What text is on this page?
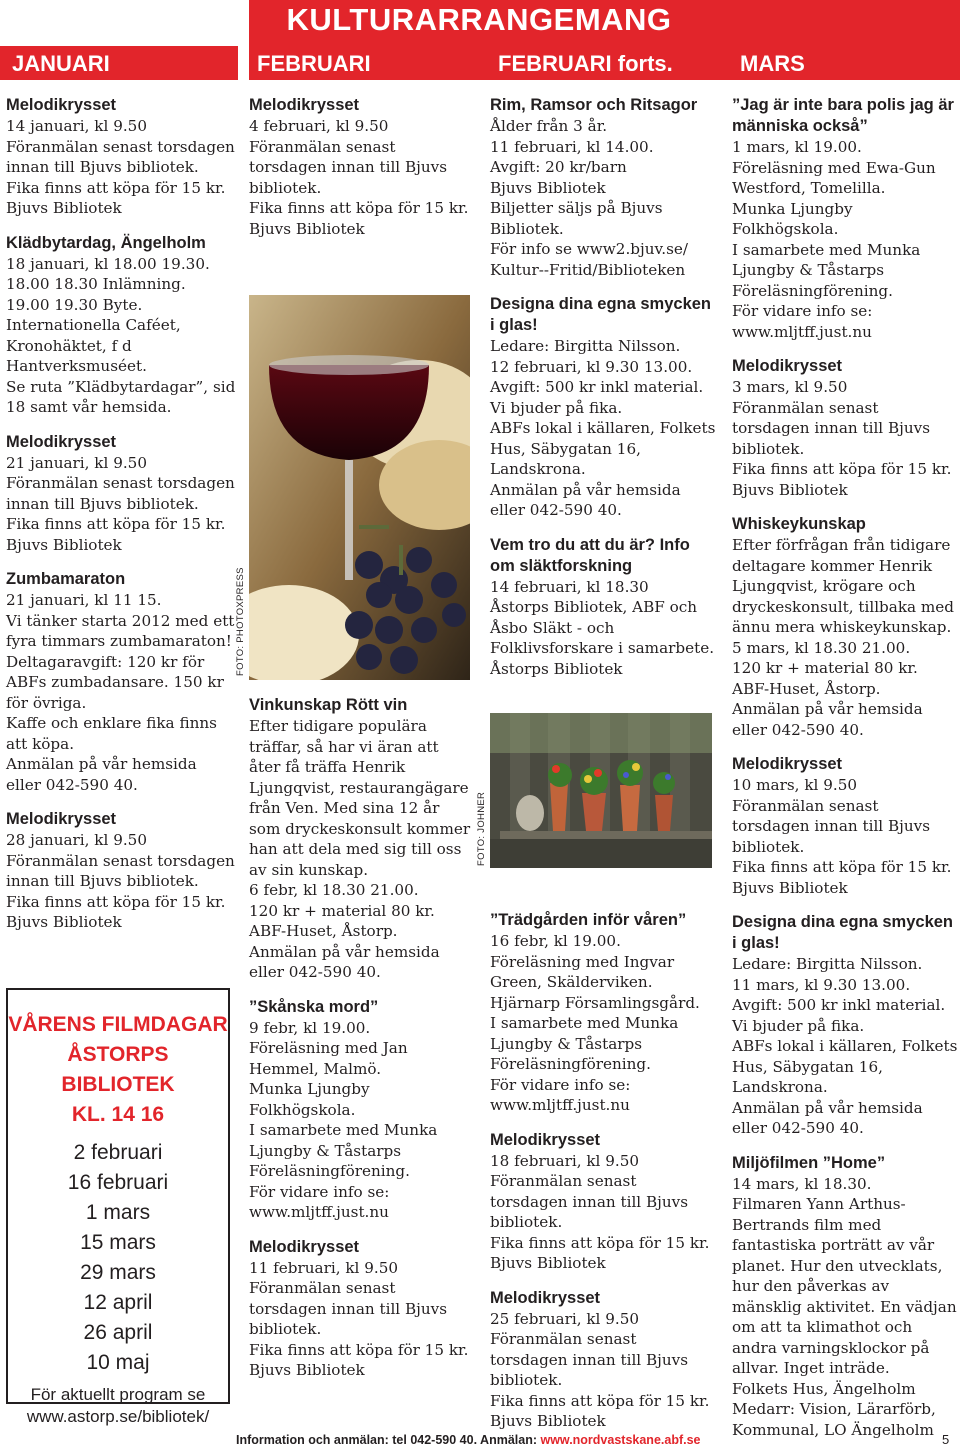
KULTURARRANGEMANG
JANUARI	FEBRUARI	FEBRUARI forts.	MARS

Melodikrysset

14 januari, kl 9.50

Föranmälan senast torsdagen innan till Bjuvs bibliotek.

Fika finns att köpa för 15 kr.

Bjuvs Bibliotek

Klädbytardag, Ängelholm

18 januari, kl 18.00 19.30.

18.00 18.30 Inlämning.

19.00 19.30 Byte.

Internationella Caféet, Kronohäktet, f d Hantverksmuséet.

Se ruta ”Klädbytardagar”, sid 18 samt vår hemsida.

Melodikrysset

21 januari, kl 9.50

Föranmälan senast torsdagen innan till Bjuvs bibliotek.

Fika finns att köpa för 15 kr.

Bjuvs Bibliotek

Zumbamaraton

21 januari, kl 11 15.

Vi tänker starta 2012 med ett fyra timmars zumbamaraton!

Deltagaravgift: 120 kr för ABFs zumbadansare. 150 kr för övriga.

Kaffe och enklare fika finns att köpa.

Anmälan på vår hemsida eller 042-590 40.

Melodikrysset

28 januari, kl 9.50

Föranmälan senast torsdagen innan till Bjuvs bibliotek.

Fika finns att köpa för 15 kr.

Bjuvs Bibliotek

VÅRENS FILMDAGAR
ÅSTORPS BIBLIOTEK
KL. 14 16
2 februari
16 februari
1 mars
15 mars
29 mars
12 april
26 april
10 maj
För aktuellt program se www.astorp.se/bibliotek/

Melodikrysset

4 februari, kl 9.50

Föranmälan senast torsdagen innan till Bjuvs bibliotek.

Fika finns att köpa för 15 kr.

Bjuvs Bibliotek

FOTO: PHOTOXPRESS

Vinkunskap Rött vin

Efter tidigare populära träffar, så har vi äran att åter få träffa Henrik Ljungqvist, restaurangägare från Ven. Med sina 12 år som dryckeskonsult kommer han att dela med sig till oss av sin kunskap.

6 febr, kl 18.30 21.00.

120 kr + material 80 kr.

ABF-Huset, Åstorp.

Anmälan på vår hemsida eller 042-590 40.

”Skånska mord”

9 febr, kl 19.00.

Föreläsning med Jan Hemmel, Malmö.

Munka Ljungby Folkhögskola.

I samarbete med Munka Ljungby & Tåstarps Föreläsningförening.

För vidare info se:

www.mljtff.just.nu

Melodikrysset

11 februari, kl 9.50

Föranmälan senast torsdagen innan till Bjuvs bibliotek.

Fika finns att köpa för 15 kr.

Bjuvs Bibliotek

Rim, Ramsor och Ritsagor

Ålder från 3 år.

11 februari, kl 14.00.

Avgift: 20 kr/barn

Bjuvs Bibliotek

Biljetter säljs på Bjuvs Bibliotek.

För info se www2.bjuv.se/ Kultur--Fritid/Biblioteken

Designa dina egna smycken i glas!

Ledare: Birgitta Nilsson.

12 februari, kl 9.30 13.00.

Avgift: 500 kr inkl material.

Vi bjuder på fika.

ABFs lokal i källaren, Folkets Hus, Säbygatan 16, Landskrona.

Anmälan på vår hemsida eller 042-590 40.

Vem tro du att du är? Info om släktforskning

14 februari, kl 18.30

Åstorps Bibliotek, ABF och Åsbo Släkt - och Folklivsforskare i samarbete.

Åstorps Bibliotek

FOTO: JOHNER

”Trädgården inför våren”

16 febr, kl 19.00.

Föreläsning med Ingvar Green, Skälderviken.

Hjärnarp Församlingsgård.

I samarbete med Munka Ljungby & Tåstarps Föreläsningförening.

För vidare info se:

www.mljtff.just.nu

Melodikrysset

18 februari, kl 9.50

Föranmälan senast torsdagen innan till Bjuvs bibliotek.

Fika finns att köpa för 15 kr.

Bjuvs Bibliotek

Melodikrysset

25 februari, kl 9.50

Föranmälan senast torsdagen innan till Bjuvs bibliotek.

Fika finns att köpa för 15 kr.

Bjuvs Bibliotek

”Jag är inte bara polis jag är människa också”

1 mars, kl 19.00.

Föreläsning med Ewa-Gun Westford, Tomelilla.

Munka Ljungby Folkhögskola.

I samarbete med Munka Ljungby & Tåstarps Föreläsningförening.

För vidare info se:

www.mljtff.just.nu

Melodikrysset

3 mars, kl 9.50

Föranmälan senast torsdagen innan till Bjuvs bibliotek.

Fika finns att köpa för 15 kr.

Bjuvs Bibliotek

Whiskeykunskap

Efter förfrågan från tidigare deltagare kommer Henrik Ljungqvist, krögare och dryckeskonsult, tillbaka med ännu mera whiskeykunskap.

5 mars, kl 18.30 21.00.

120 kr + material 80 kr.

ABF-Huset, Åstorp.

Anmälan på vår hemsida eller 042-590 40.

Melodikrysset

10 mars, kl 9.50

Föranmälan senast torsdagen innan till Bjuvs bibliotek.

Fika finns att köpa för 15 kr.

Bjuvs Bibliotek

Designa dina egna smycken i glas!

Ledare: Birgitta Nilsson.

11 mars, kl 9.30 13.00.

Avgift: 500 kr inkl material.

Vi bjuder på fika.

ABFs lokal i källaren, Folkets Hus, Säbygatan 16, Landskrona.

Anmälan på vår hemsida eller 042-590 40.

Miljöfilmen ”Home”

14 mars, kl 18.30.

Filmaren Yann Arthus-Bertrands film med fantastiska porträtt av vår planet. Hur den utvecklats, hur den påverkas av mänsklig aktivitet. En vädjan om att ta klimathot och andra varningsklockor på allvar. Inget inträde.

Folkets Hus, Ängelholm

Medarr: Vision, Lärarförb, Kommunal, LO Ängelholm

Information och anmälan: tel 042-590 40. Anmälan: www.nordvastskane.abf.se	5
